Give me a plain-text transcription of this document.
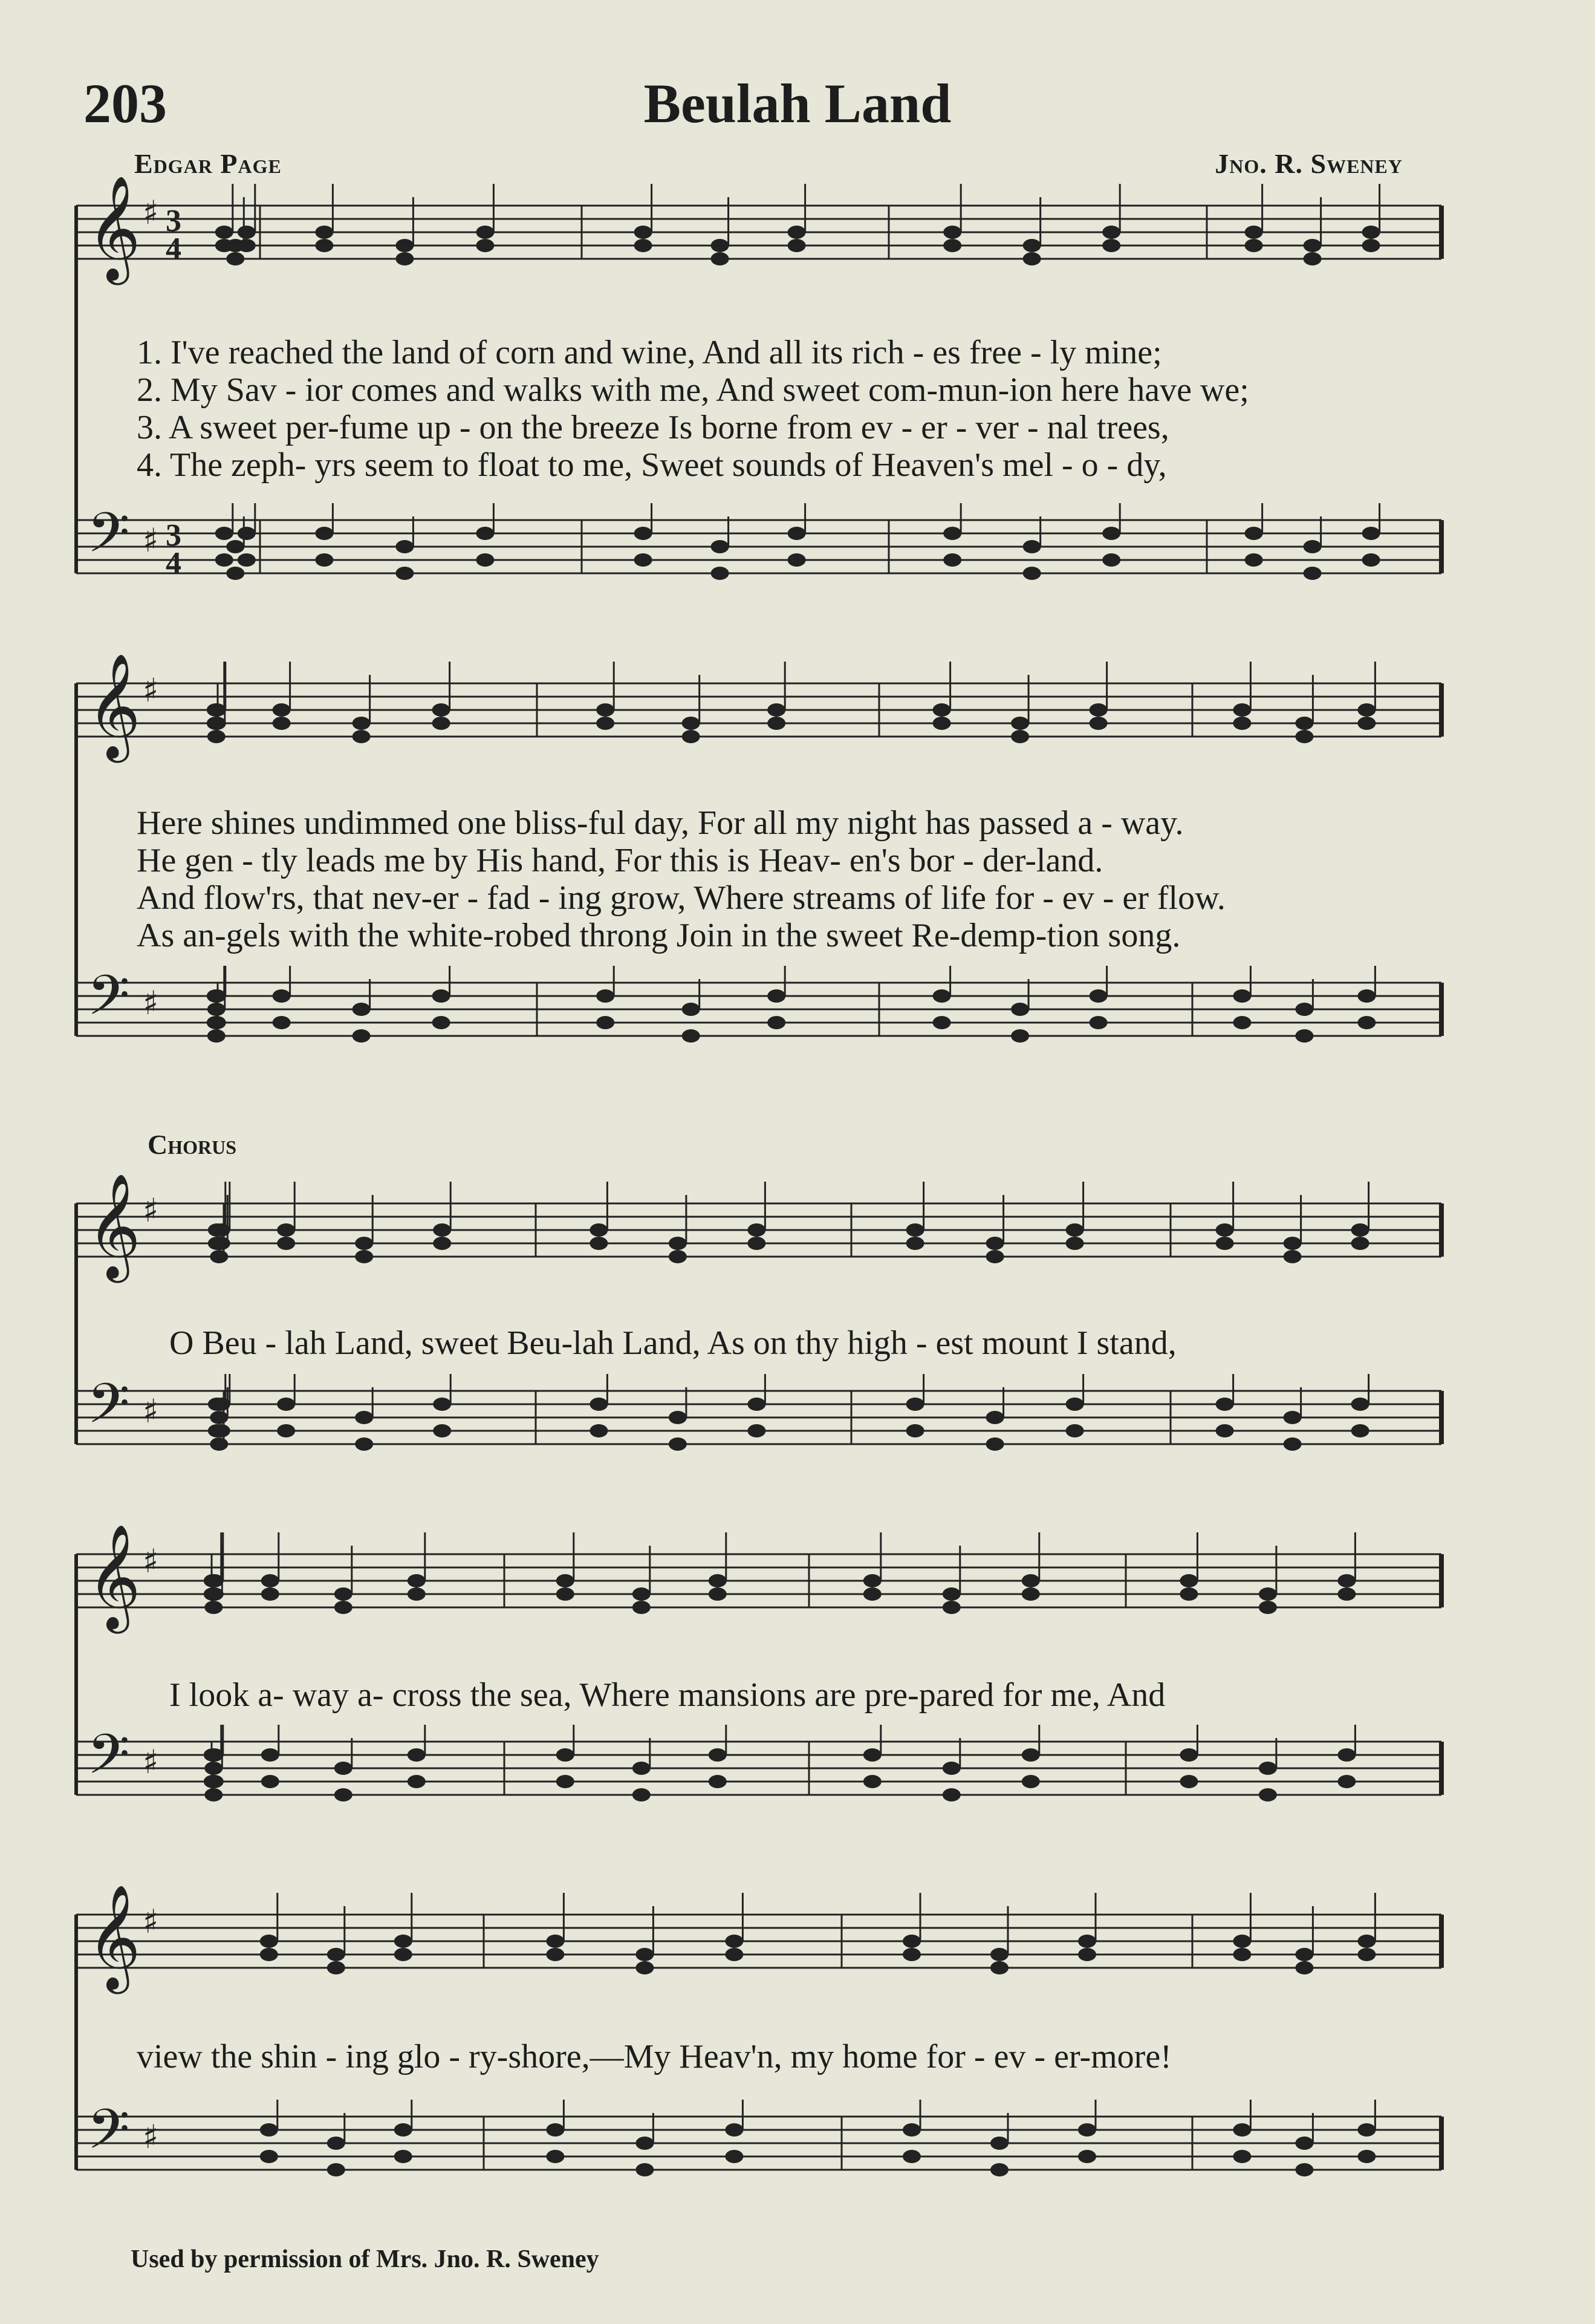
203	Beulah Land
Edgar Page	Jno. R. Sweney
𝄞
𝄢
♯
♯
3
4
3
4
𝄞
𝄢
♯
♯
𝄞
𝄢
♯
♯
𝄞
𝄢
♯
♯
𝄞
𝄢
♯
♯
1. I've reached the land of corn and wine, And all its rich - es free - ly mine;
2. My Sav - ior comes and walks with me, And sweet com-mun-ion here have we;
3. A sweet per-fume up - on the breeze Is borne from ev - er - ver - nal trees,
4. The zeph- yrs seem to float to me, Sweet sounds of Heaven's mel - o - dy,
Here shines undimmed one bliss-ful day, For all my night has passed a - way.
He gen - tly leads me by His hand, For this is Heav- en's bor - der-land.
And flow'rs, that nev-er - fad - ing grow, Where streams of life for - ev - er flow.
As an-gels with the white-robed throng Join in the sweet Re-demp-tion song.
Chorus
O Beu - lah Land, sweet Beu-lah Land, As on thy high - est mount I stand,
I look a- way a- cross the sea, Where mansions are pre-pared for me, And
view the shin - ing glo - ry-shore,—My Heav'n, my home for - ev - er-more!
Used by permission of Mrs. Jno. R. Sweney
